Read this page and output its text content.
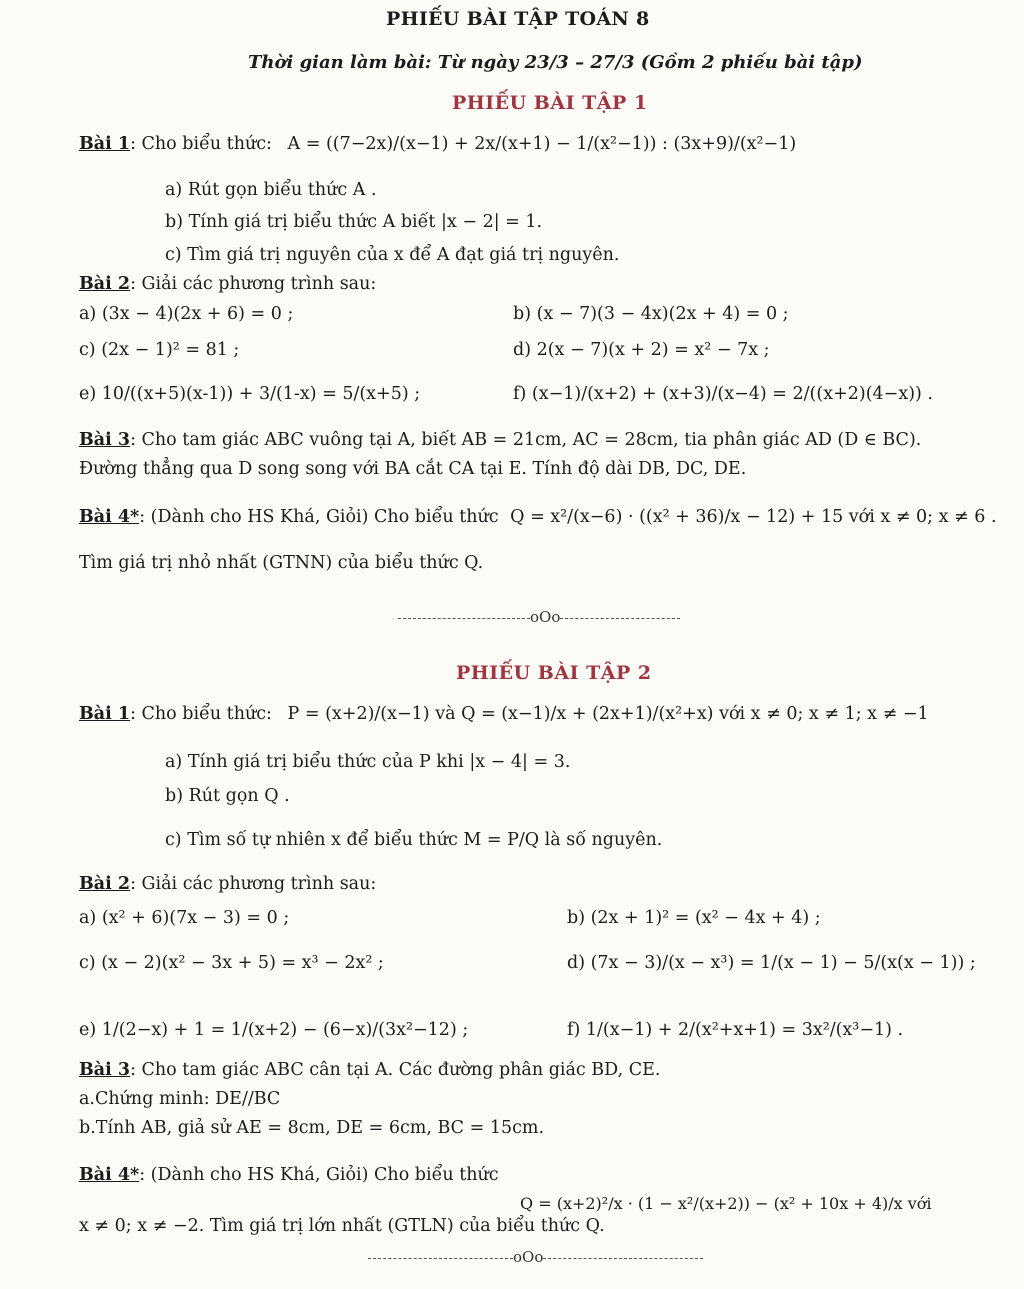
PHIẾU BÀI TẬP TOÁN 8
Thời gian làm bài: Từ ngày 23/3 – 27/3 (Gồm 2 phiếu bài tập)
PHIẾU BÀI TẬP 1
Bài 1: Cho biểu thức: A = ((7−2x)/(x−1) + 2x/(x+1) − 1/(x²−1)) : (3x+9)/(x²−1)
a) Rút gọn biểu thức A .
b) Tính giá trị biểu thức A biết |x − 2| = 1.
c) Tìm giá trị nguyên của x để A đạt giá trị nguyên.
Bài 2: Giải các phương trình sau:
a) (3x − 4)(2x + 6) = 0 ;	b) (x − 7)(3 − 4x)(2x + 4) = 0 ;
c) (2x − 1)² = 81 ;	d) 2(x − 7)(x + 2) = x² − 7x ;
e) 10/((x+5)(x-1)) + 3/(1-x) = 5/(x+5) ;	f) (x−1)/(x+2) + (x+3)/(x−4) = 2/((x+2)(4−x)) .
Bài 3: Cho tam giác ABC vuông tại A, biết AB = 21cm, AC = 28cm, tia phân giác AD (D ∈ BC).
Đường thẳng qua D song song với BA cắt CA tại E. Tính độ dài DB, DC, DE.
Bài 4*: (Dành cho HS Khá, Giỏi) Cho biểu thức Q = x²/(x−6) · ((x² + 36)/x − 12) + 15 với x ≠ 0; x ≠ 6 .
Tìm giá trị nhỏ nhất (GTNN) của biểu thức Q.
oOo
PHIẾU BÀI TẬP 2
Bài 1: Cho biểu thức: P = (x+2)/(x−1) và Q = (x−1)/x + (2x+1)/(x²+x) với x ≠ 0; x ≠ 1; x ≠ −1
a) Tính giá trị biểu thức của P khi |x − 4| = 3.
b) Rút gọn Q .
c) Tìm số tự nhiên x để biểu thức M = P/Q là số nguyên.
Bài 2: Giải các phương trình sau:
a) (x² + 6)(7x − 3) = 0 ;	b) (2x + 1)² = (x² − 4x + 4) ;
c) (x − 2)(x² − 3x + 5) = x³ − 2x² ;	d) (7x − 3)/(x − x³) = 1/(x − 1) − 5/(x(x − 1)) ;
e) 1/(2−x) + 1 = 1/(x+2) − (6−x)/(3x²−12) ;	f) 1/(x−1) + 2/(x²+x+1) = 3x²/(x³−1) .
Bài 3: Cho tam giác ABC cân tại A. Các đường phân giác BD, CE.
a.Chứng minh: DE//BC
b.Tính AB, giả sử AE = 8cm, DE = 6cm, BC = 15cm.
Bài 4*: (Dành cho HS Khá, Giỏi) Cho biểu thức
Q = (x+2)²/x · (1 − x²/(x+2)) − (x² + 10x + 4)/x với
x ≠ 0; x ≠ −2. Tìm giá trị lớn nhất (GTLN) của biểu thức Q.
oOo
